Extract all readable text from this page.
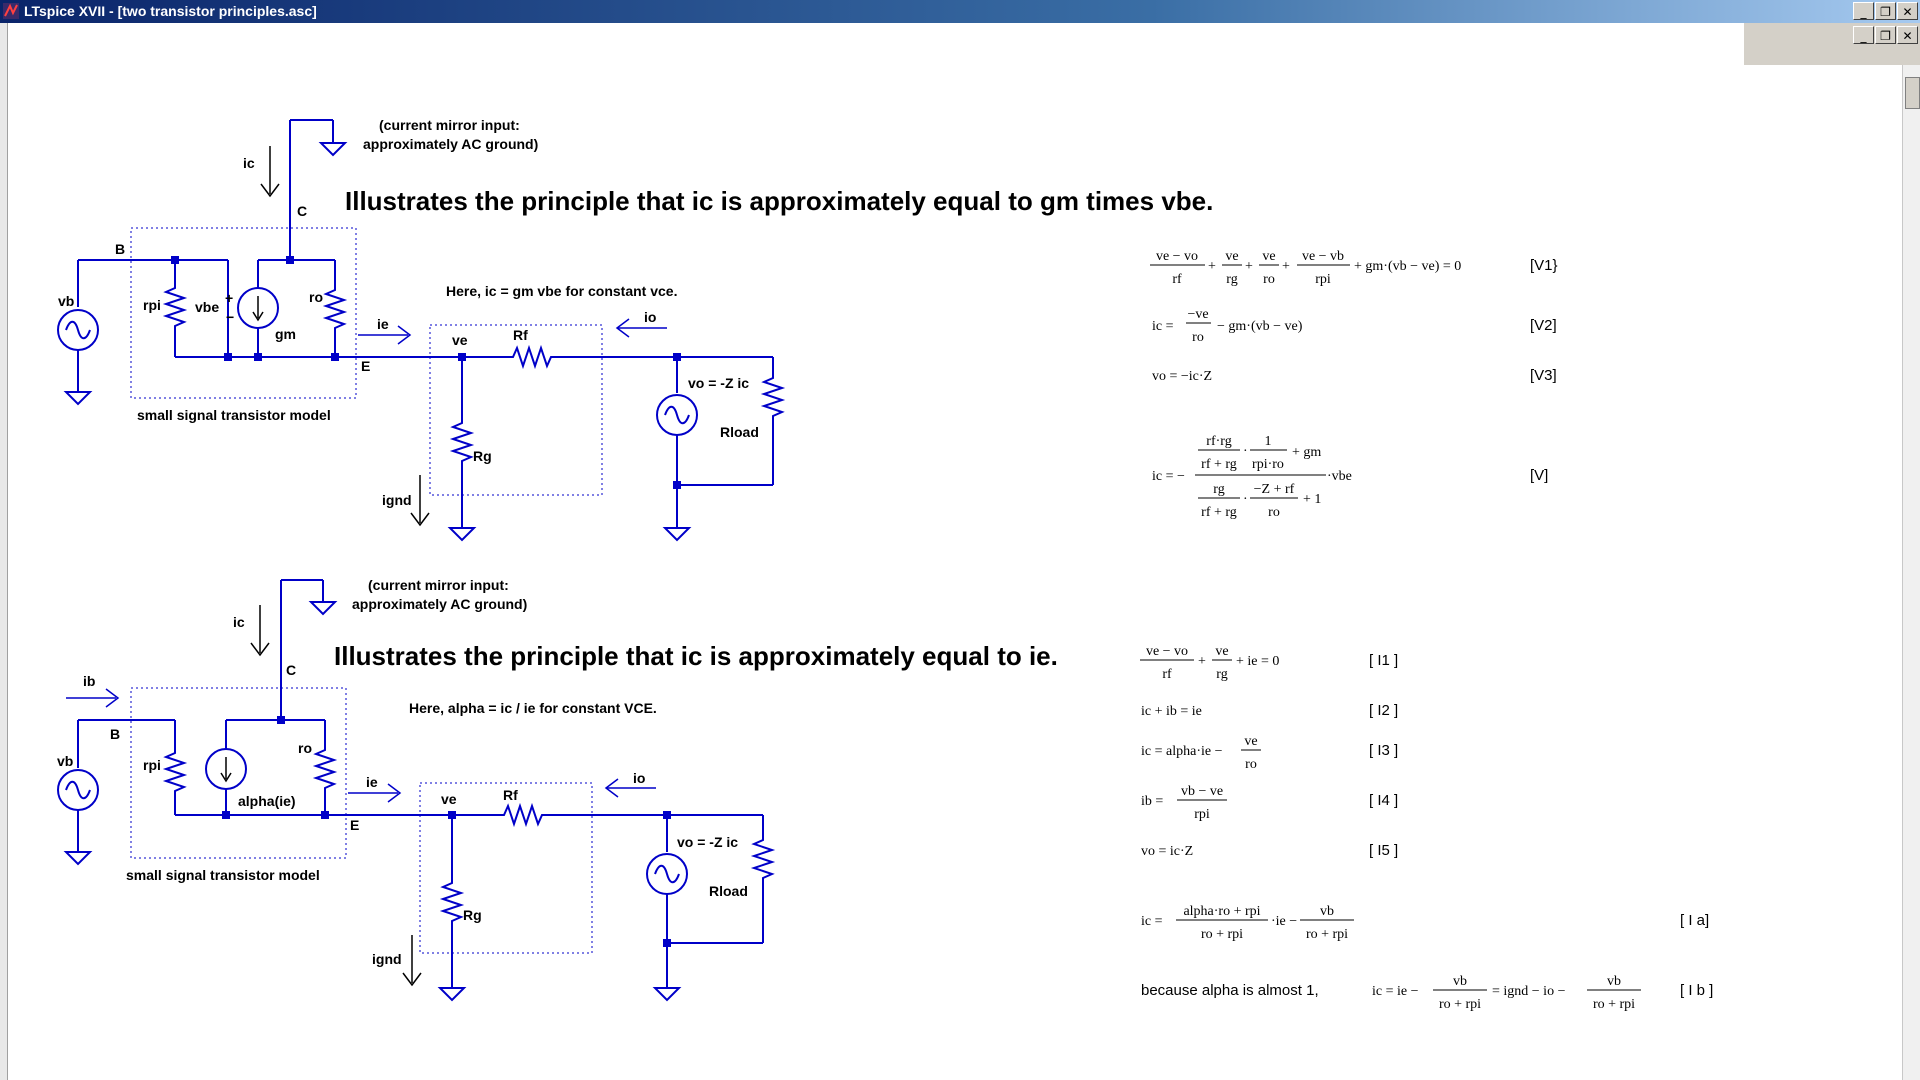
LTspice XVII - [two transistor principles.asc]	_	❐ ✕
_	❐ ✕
ic
C
B
vb	rpi vbe
+
−
gm
ro
E
ie
ve	Rf
io
vo = -Z ic
Rload
Rg
ignd
(current mirror input:
approximately AC ground)
Here, ic = gm vbe for constant vce.
small signal transistor model
Illustrates the principle that ic is approximately equal to gm times vbe.
ic
C
ib
B
vb	rpi
alpha(ie)
ro
E
ie
ve	Rf
io
vo = -Z ic
Rload
Rg
ignd
(current mirror input:
approximately AC ground)
Here, alpha = ic / ie for constant VCE.
small signal transistor model
Illustrates the principle that ic is approximately equal to ie.
ve − vo
rf
+
ve
rg
+
ve
ro
+
ve − vb
rpi
+ gm·(vb − ve) = 0	[V1}
ic =
−ve
ro
− gm·(vb − ve)	[V2]
vo = −ic·Z	[V3]
ic = −
rf·rg
rf + rg
·
1
rpi·ro
+ gm
rg
rf + rg
·
−Z + rf
ro
+ 1
·vbe	[V]
ve − vo
rf
+
ve
rg
+ ie = 0	[ I1 ]
ic + ib = ie	[ I2 ]
ic = alpha·ie −
ve
ro
[ I3 ]
ib =
vb − ve
rpi
[ I4 ]
vo = ic·Z	[ I5 ]
ic =
alpha·ro + rpi
ro + rpi
·ie −
vb
ro + rpi
[ I a]
because alpha is almost 1,	ic = ie −
vb
ro + rpi
= ignd − io −
vb
ro + rpi
[ I b ]
